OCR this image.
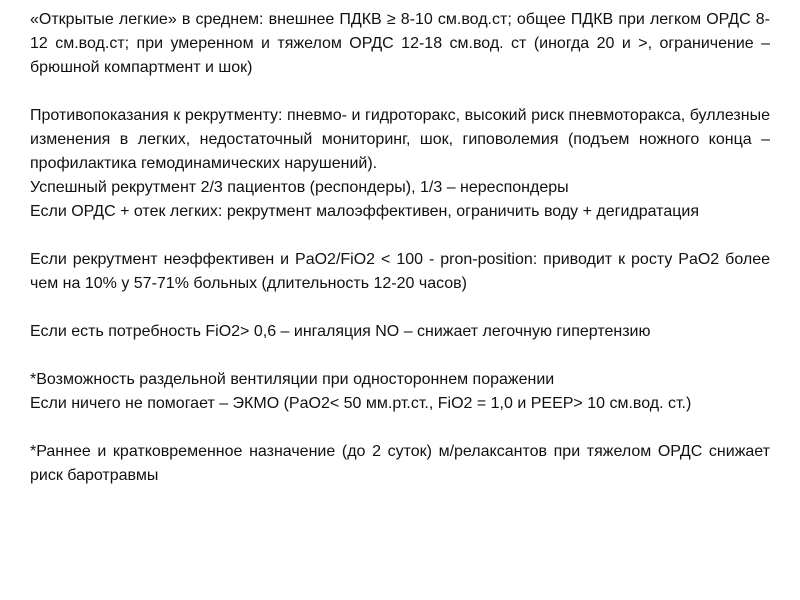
«Открытые легкие» в среднем: внешнее ПДКВ ≥ 8-10 см.вод.ст; общее ПДКВ при легком ОРДС 8-12 см.вод.ст; при умеренном и тяжелом ОРДС 12-18 см.вод. ст (иногда 20 и >, ограничение – брюшной компартмент и шок)

Противопоказания к рекрутменту: пневмо- и гидроторакс, высокий риск пневмоторакса, буллезные изменения в легких, недостаточный мониторинг, шок, гиповолемия (подъем ножного конца – профилактика гемодинамических нарушений).

Успешный рекрутмент 2/3 пациентов (респондеры), 1/3 – нереспондеры

Если ОРДС + отек легких: рекрутмент малоэффективен, ограничить воду + дегидратация

Если рекрутмент неэффективен и PaO2/FiO2 < 100 - pron-position: приводит к росту PaO2 более чем на 10% у 57-71% больных (длительность 12-20 часов)

Если есть потребность FiO2> 0,6 – ингаляция NO – снижает легочную гипертензию

*Возможность раздельной вентиляции при одностороннем поражении

Если ничего не помогает – ЭКМО (PaO2< 50 мм.рт.ст., FiO2 = 1,0 и PEEP> 10 см.вод. ст.)

*Раннее и кратковременное назначение (до 2 суток) м/релаксантов при тяжелом ОРДС снижает риск баротравмы
